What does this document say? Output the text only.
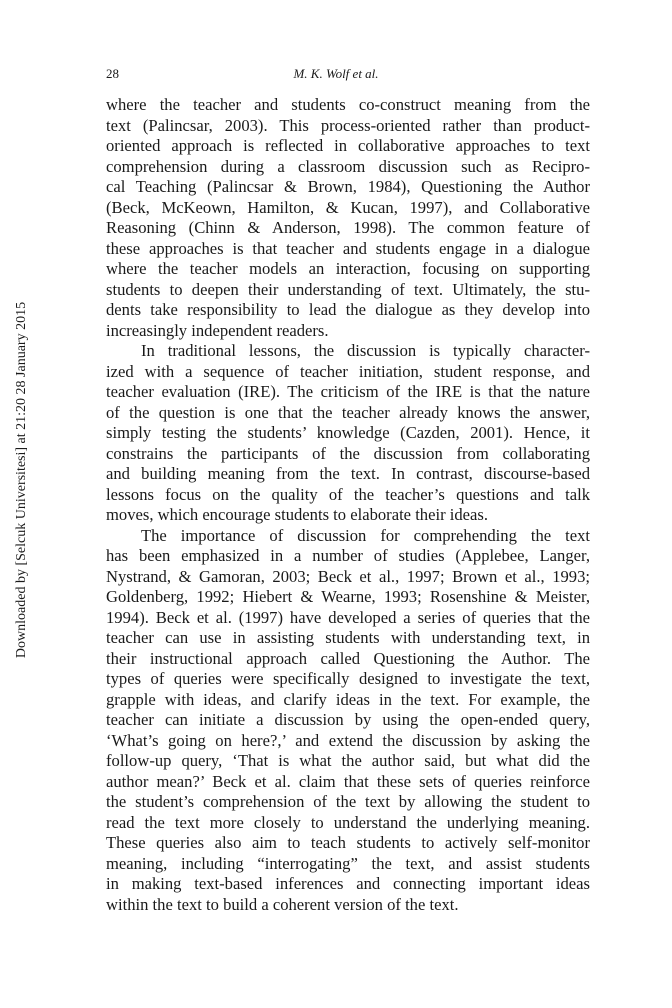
28	M. K. Wolf et al.
Downloaded by [Selcuk Universitesi] at 21:20 28 January 2015
where the teacher and students co-construct meaning from the
text (Palincsar, 2003). This process-oriented rather than product-
oriented approach is reflected in collaborative approaches to text
comprehension during a classroom discussion such as Recipro-
cal Teaching (Palincsar & Brown, 1984), Questioning the Author
(Beck, McKeown, Hamilton, & Kucan, 1997), and Collaborative
Reasoning (Chinn & Anderson, 1998). The common feature of
these approaches is that teacher and students engage in a dialogue
where the teacher models an interaction, focusing on supporting
students to deepen their understanding of text. Ultimately, the stu-
dents take responsibility to lead the dialogue as they develop into
increasingly independent readers.
In traditional lessons, the discussion is typically character-
ized with a sequence of teacher initiation, student response, and
teacher evaluation (IRE). The criticism of the IRE is that the nature
of the question is one that the teacher already knows the answer,
simply testing the students’ knowledge (Cazden, 2001). Hence, it
constrains the participants of the discussion from collaborating
and building meaning from the text. In contrast, discourse-based
lessons focus on the quality of the teacher’s questions and talk
moves, which encourage students to elaborate their ideas.
The importance of discussion for comprehending the text
has been emphasized in a number of studies (Applebee, Langer,
Nystrand, & Gamoran, 2003; Beck et al., 1997; Brown et al., 1993;
Goldenberg, 1992; Hiebert & Wearne, 1993; Rosenshine & Meister,
1994). Beck et al. (1997) have developed a series of queries that the
teacher can use in assisting students with understanding text, in
their instructional approach called Questioning the Author. The
types of queries were specifically designed to investigate the text,
grapple with ideas, and clarify ideas in the text. For example, the
teacher can initiate a discussion by using the open-ended query,
‘What’s going on here?,’ and extend the discussion by asking the
follow-up query, ‘That is what the author said, but what did the
author mean?’ Beck et al. claim that these sets of queries reinforce
the student’s comprehension of the text by allowing the student to
read the text more closely to understand the underlying meaning.
These queries also aim to teach students to actively self-monitor
meaning, including “interrogating” the text, and assist students
in making text-based inferences and connecting important ideas
within the text to build a coherent version of the text.
